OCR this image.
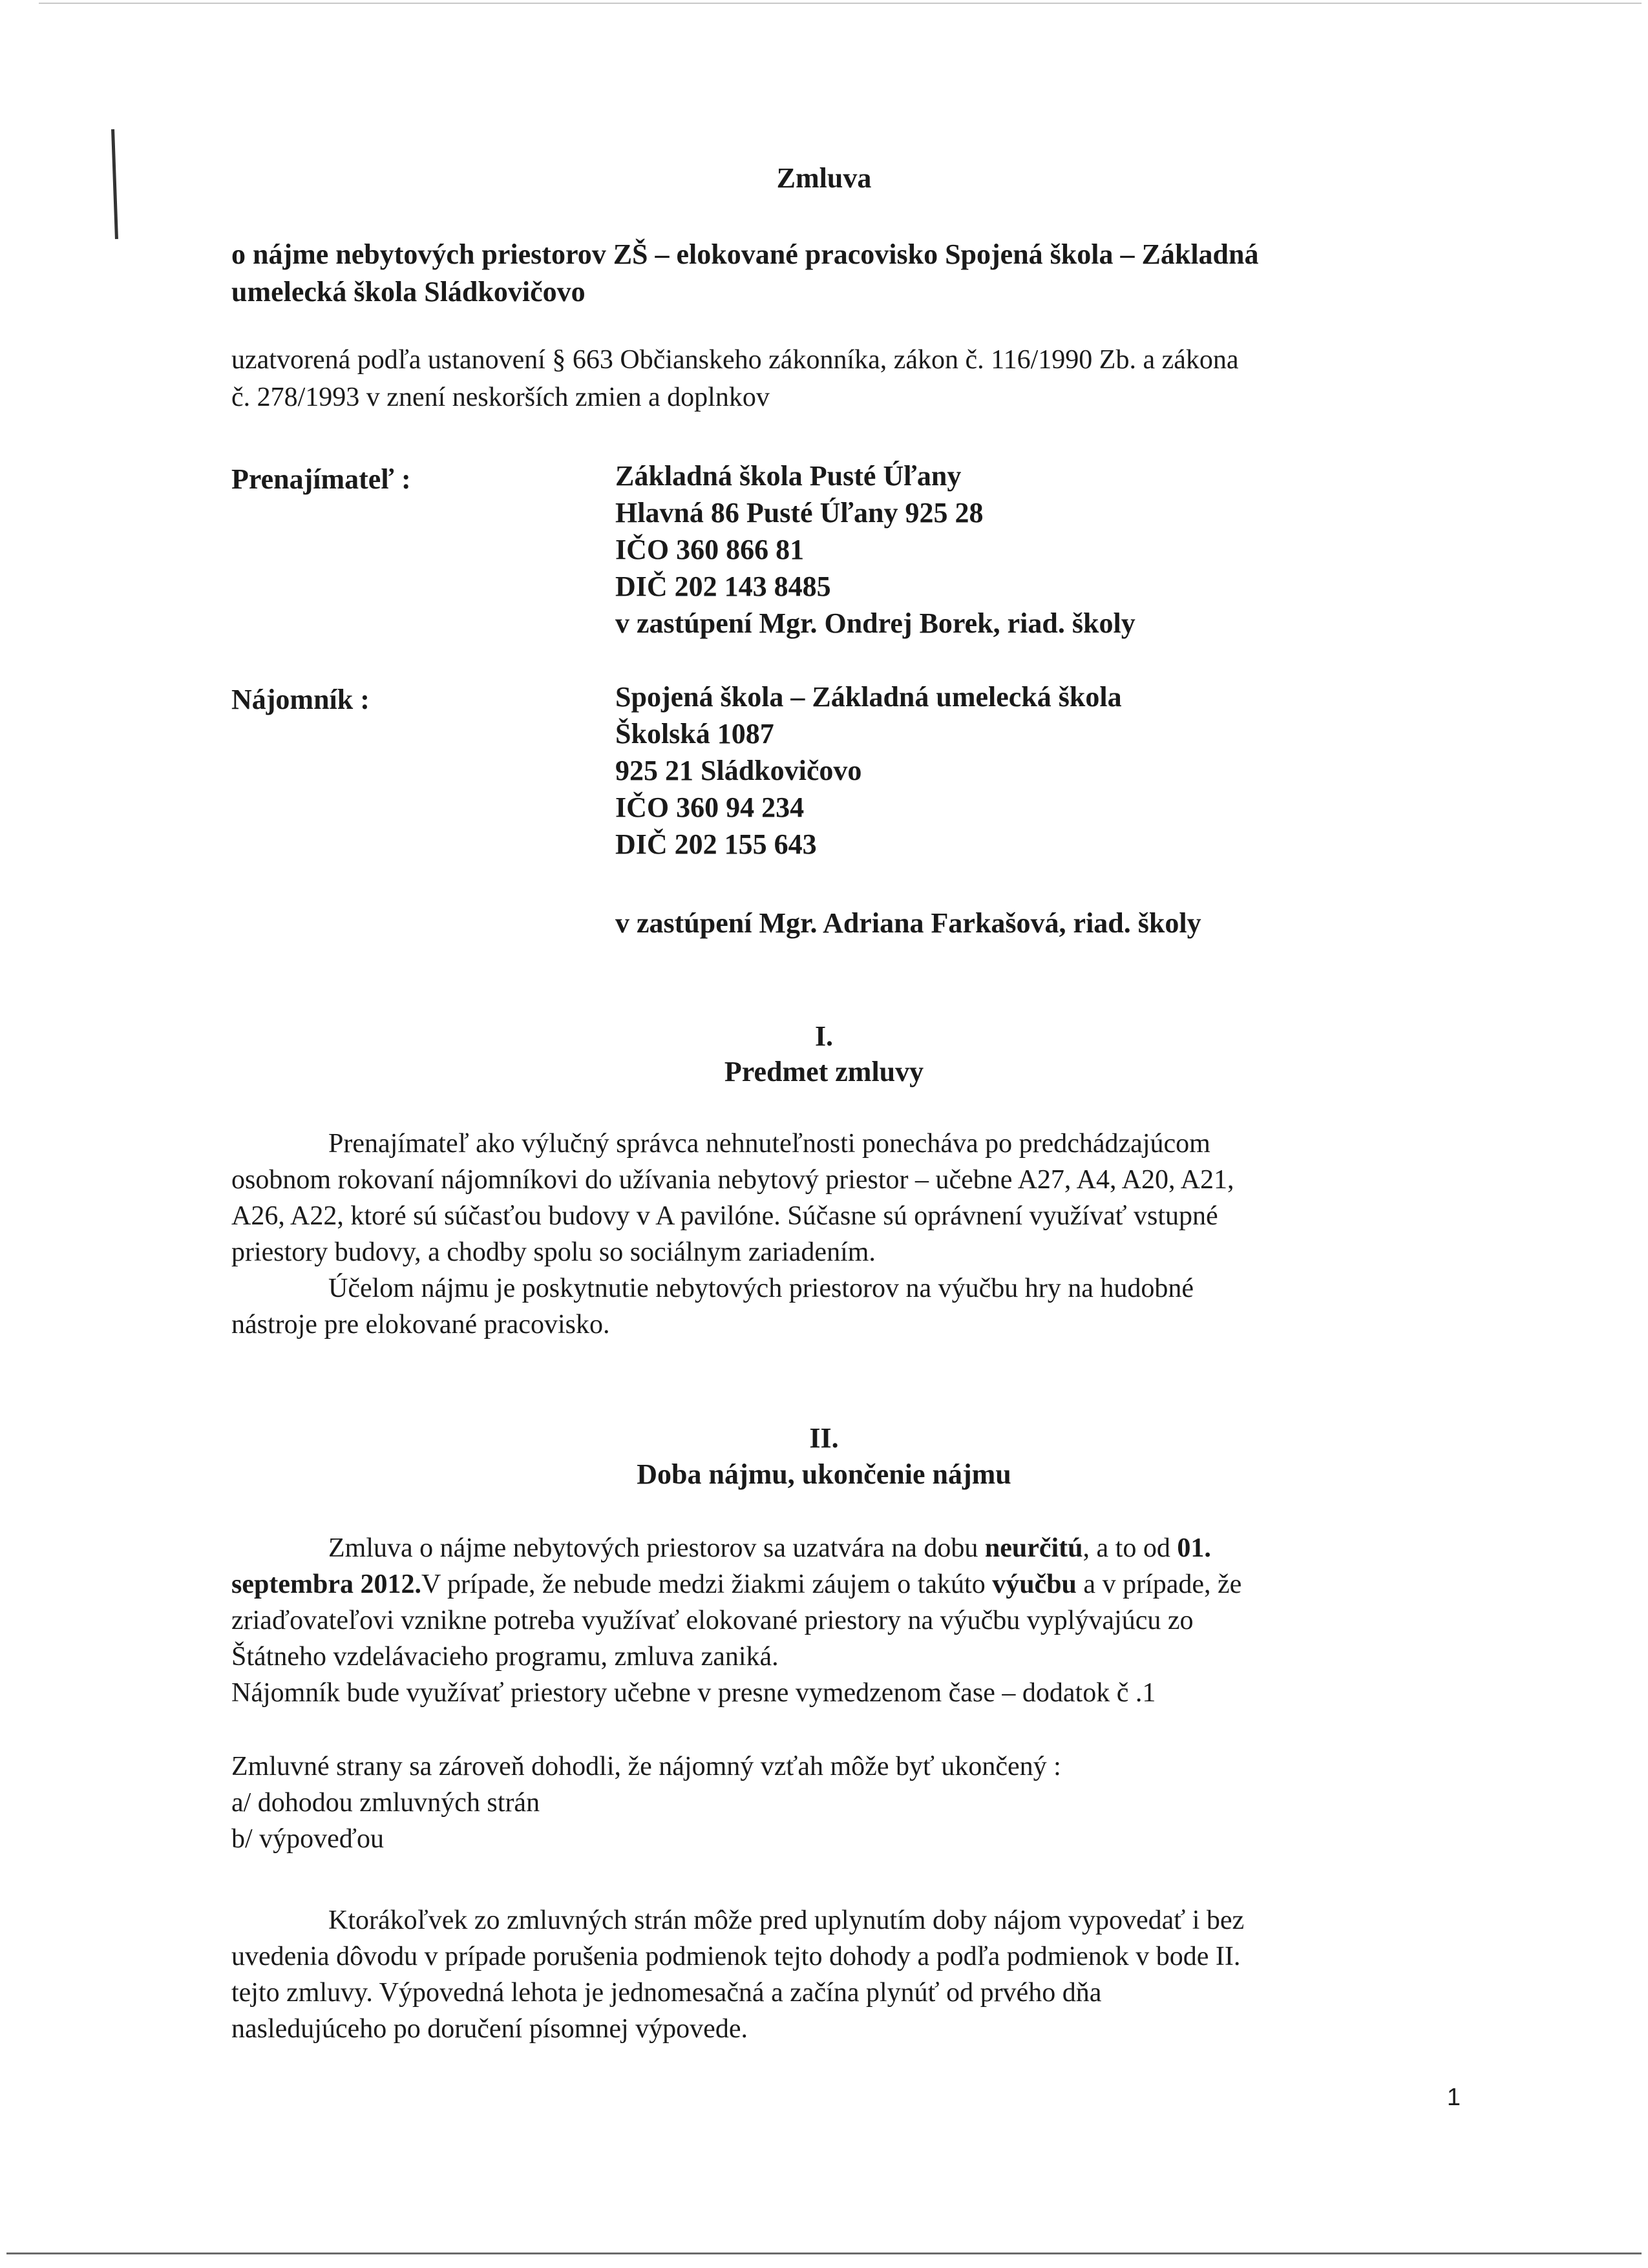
Zmluva
o nájme nebytových priestorov ZŠ – elokované pracovisko Spojená škola – Základná
umelecká škola Sládkovičovo
uzatvorená podľa ustanovení § 663 Občianskeho zákonníka, zákon č. 116/1990 Zb. a zákona
č. 278/1993 v znení neskorších zmien a doplnkov
Prenajímateľ :	Základná škola Pusté Úľany
Hlavná 86 Pusté Úľany 925 28
IČO 360 866 81
DIČ 202 143 8485
v zastúpení Mgr. Ondrej Borek, riad. školy
Nájomník :	Spojená škola – Základná umelecká škola
Školská 1087
925 21 Sládkovičovo
IČO 360 94 234
DIČ 202 155 643
v zastúpení Mgr. Adriana Farkašová, riad. školy
I.
Predmet zmluvy
Prenajímateľ ako výlučný správca nehnuteľnosti ponecháva po predchádzajúcom
osobnom rokovaní nájomníkovi do užívania nebytový priestor – učebne A27, A4, A20, A21,
A26, A22, ktoré sú súčasťou budovy v A pavilóne. Súčasne sú oprávnení využívať vstupné
priestory budovy, a chodby spolu so sociálnym zariadením.
Účelom nájmu je poskytnutie nebytových priestorov na výučbu hry na hudobné
nástroje pre elokované pracovisko.
II.
Doba nájmu, ukončenie nájmu
Zmluva o nájme nebytových priestorov sa uzatvára na dobu neurčitú, a to od 01.
septembra 2012.V prípade, že nebude medzi žiakmi záujem o takúto výučbu a v prípade, že
zriaďovateľovi vznikne potreba využívať elokované priestory na výučbu vyplývajúcu zo
Štátneho vzdelávacieho programu, zmluva zaniká.
Nájomník bude využívať priestory učebne v presne vymedzenom čase – dodatok č .1
Zmluvné strany sa zároveň dohodli, že nájomný vzťah môže byť ukončený :
a/ dohodou zmluvných strán
b/ výpoveďou
Ktorákoľvek zo zmluvných strán môže pred uplynutím doby nájom vypovedať i bez
uvedenia dôvodu v prípade porušenia podmienok tejto dohody a podľa podmienok v bode II.
tejto zmluvy. Výpovedná lehota je jednomesačná a začína plynúť od prvého dňa
nasledujúceho po doručení písomnej výpovede.
1
